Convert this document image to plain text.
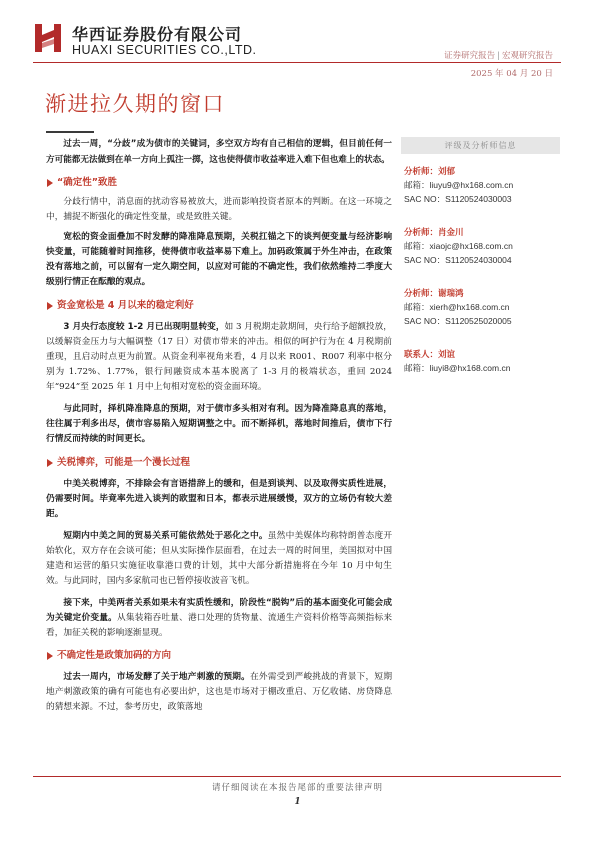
华西证券股份有限公司
HUAXI SECURITIES CO.,LTD.	证券研究报告 | 宏观研究报告
2025 年 04 月 20 日
渐进拉久期的窗口

过去一周，“分歧”成为债市的关键词，多空双方均有自己相信的逻辑，但目前任何一方可能都无法做到在单一方向上孤注一掷，这也使得债市收益率进入难下但也难上的状态。

“确定性”致胜

分歧行情中，消息面的扰动容易被放大，进而影响投资者原本的判断。在这一环境之中，捕捉不断强化的确定性变量，或是致胜关键。

宽松的资金面叠加不时发酵的降准降息预期，关税扛锚之下的谈判便变量与经济影响快变量，可能随着时间推移，使得债市收益率易下难上。加码政策属于外生冲击，在政策没有落地之前，可以留有一定久期空间，以应对可能的不确定性，我们依然维持二季度大级别行情正在酝酿的观点。

资金宽松是 4 月以来的稳定利好

3 月央行态度较 1-2 月已出现明显转变，如 3 月税期走款期间，央行给予超额投放，以缓解资金压力与大幅调整（17 日）对债市带来的冲击。相似的呵护行为在 4 月税期前重现，且启动时点更为前置。从资金利率视角来看，4 月以来 R001、R007 利率中枢分别为 1.72%、1.77%，银行间融资成本基本脱离了 1-3 月的极端状态，重回 2024 年“924”至 2025 年 1 月中上旬相对宽松的资金面环境。

与此同时，择机降准降息的预期，对于债市多头相对有利。因为降准降息真的落地，往往属于利多出尽，债市容易陷入短期调整之中。而不断择机，落地时间推后，债市下行行情反而持续的时间更长。

关税博弈，可能是一个漫长过程

中美关税博弈，不排除会有言语措辞上的缓和，但是到谈判、以及取得实质性进展，仍需要时间。毕竟率先进入谈判的欧盟和日本，都表示进展缓慢，双方的立场仍有较大差距。

短期内中美之间的贸易关系可能依然处于恶化之中。虽然中美媒体均称特朗普态度开始软化，双方存在会谈可能；但从实际操作层面看，在过去一周的时间里，美国拟对中国建造和运营的船只实施征收靠港口费的计划，其中大部分新措施将在今年 10 月中旬生效。与此同时，国内多家航司也已暂停接收波音飞机。

接下来，中美两者关系如果未有实质性缓和，阶段性“脱钩”后的基本面变化可能会成为关键定价变量。从集装箱吞吐量、港口处理的货物量、流通生产资料价格等高频指标来看，加征关税的影响逐渐显现。

不确定性是政策加码的方向

过去一周内，市场发酵了关于地产刺激的预期。在外需受到严峻挑战的背景下，短期地产刺激政策的确有可能也有必要出炉，这也是市场对于棚改重启、万亿收储、房贷降息的猜想来源。不过，参考历史，政策落地

评级及分析师信息
分析师：刘郁
邮箱：liuyu9@hx168.com.cn
SAC NO：S1120524030003
分析师：肖金川
邮箱：xiaojc@hx168.com.cn
SAC NO：S1120524030004
分析师：谢瑞鸿
邮箱：xierh@hx168.com.cn
SAC NO：S1120525020005
联系人：刘谊
邮箱：liuyi8@hx168.com.cn
请仔细阅读在本报告尾部的重要法律声明
1
